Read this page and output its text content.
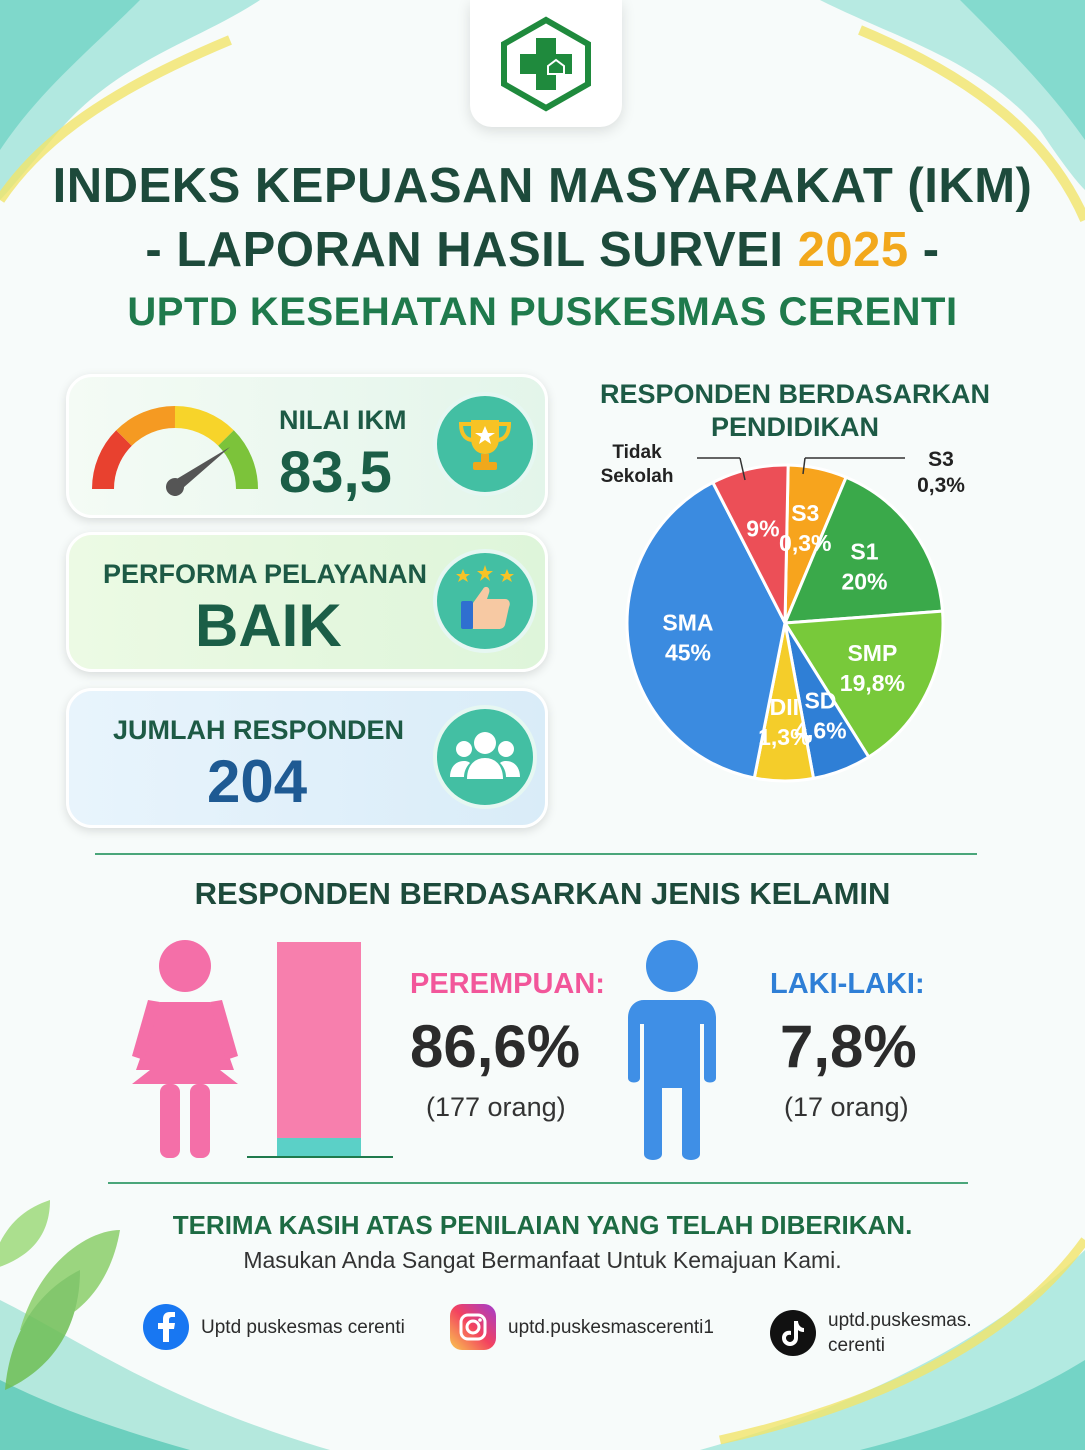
INDEKS KEPUASAN MASYARAKAT (IKM)
- LAPORAN HASIL SURVEI 2025 -
UPTD KESEHATAN PUSKESMAS CERENTI
NILAI IKM
83,5
PERFORMA PELAYANAN
BAIK
JUMLAH RESPONDEN
204
RESPONDEN BERDASARKAN PENDIDIKAN
S3
0,3% S1
20%
SMP
19,8%
SD
4,6%
DII
1,3%
SMA
45%
9%
Tidak
Sekolah
S3
0,3%
RESPONDEN BERDASARKAN JENIS KELAMIN
PEREMPUAN:
86,6%
(177 orang)
LAKI-LAKI:
7,8%
(17 orang)
TERIMA KASIH ATAS PENILAIAN YANG TELAH DIBERIKAN.
Masukan Anda Sangat Bermanfaat Untuk Kemajuan Kami.
Uptd puskesmas cerenti	uptd.puskesmascerenti1	uptd.puskesmas.
cerenti
